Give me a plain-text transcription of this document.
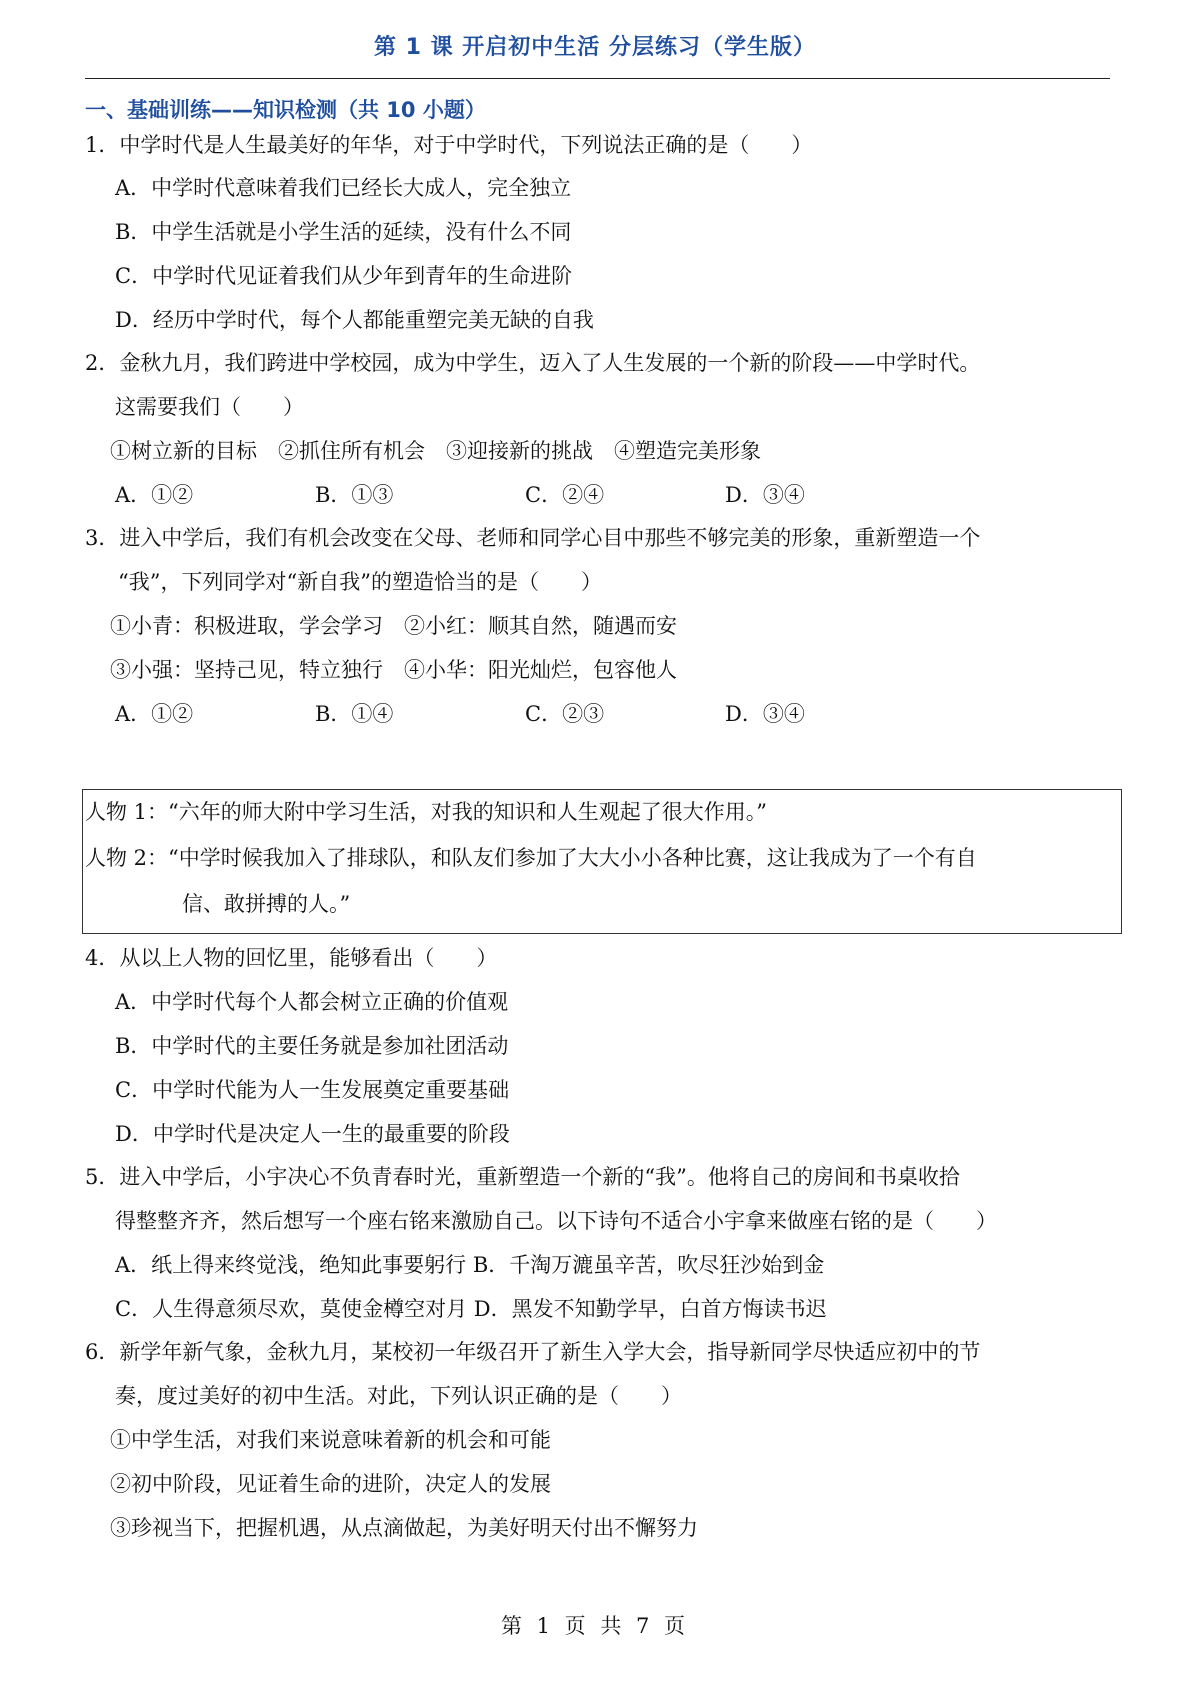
第 1 课 开启初中生活 分层练习（学生版）
一、基础训练——知识检测（共 10 小题）
1．中学时代是人生最美好的年华，对于中学时代，下列说法正确的是（　　）
A．中学时代意味着我们已经长大成人，完全独立
B．中学生活就是小学生活的延续，没有什么不同
C．中学时代见证着我们从少年到青年的生命进阶
D．经历中学时代，每个人都能重塑完美无缺的自我
2．金秋九月，我们跨进中学校园，成为中学生，迈入了人生发展的一个新的阶段——中学时代。
这需要我们（　　）
①树立新的目标　②抓住所有机会　③迎接新的挑战　④塑造完美形象
A．①②	B．①③	C．②④	D．③④
3．进入中学后，我们有机会改变在父母、老师和同学心目中那些不够完美的形象，重新塑造一个
“我”，下列同学对“新自我”的塑造恰当的是（　　）
①小青：积极进取，学会学习　②小红：顺其自然，随遇而安
③小强：坚持己见，特立独行　④小华：阳光灿烂，包容他人
A．①②	B．①④	C．②③	D．③④
人物 1：“六年的师大附中学习生活，对我的知识和人生观起了很大作用。”
人物 2：“中学时候我加入了排球队，和队友们参加了大大小小各种比赛，这让我成为了一个有自
信、敢拼搏的人。”
4．从以上人物的回忆里，能够看出（　　）
A．中学时代每个人都会树立正确的价值观
B．中学时代的主要任务就是参加社团活动
C．中学时代能为人一生发展奠定重要基础
D．中学时代是决定人一生的最重要的阶段
5．进入中学后，小宇决心不负青春时光，重新塑造一个新的“我”。他将自己的房间和书桌收拾
得整整齐齐，然后想写一个座右铭来激励自己。以下诗句不适合小宇拿来做座右铭的是（　　）
A．纸上得来终觉浅，绝知此事要躬行 B．千淘万漉虽辛苦，吹尽狂沙始到金
C．人生得意须尽欢，莫使金樽空对月 D．黑发不知勤学早，白首方悔读书迟
6．新学年新气象，金秋九月，某校初一年级召开了新生入学大会，指导新同学尽快适应初中的节
奏，度过美好的初中生活。对此，下列认识正确的是（　　）
①中学生活，对我们来说意味着新的机会和可能
②初中阶段，见证着生命的进阶，决定人的发展
③珍视当下，把握机遇，从点滴做起，为美好明天付出不懈努力
第 1 页 共 7 页
